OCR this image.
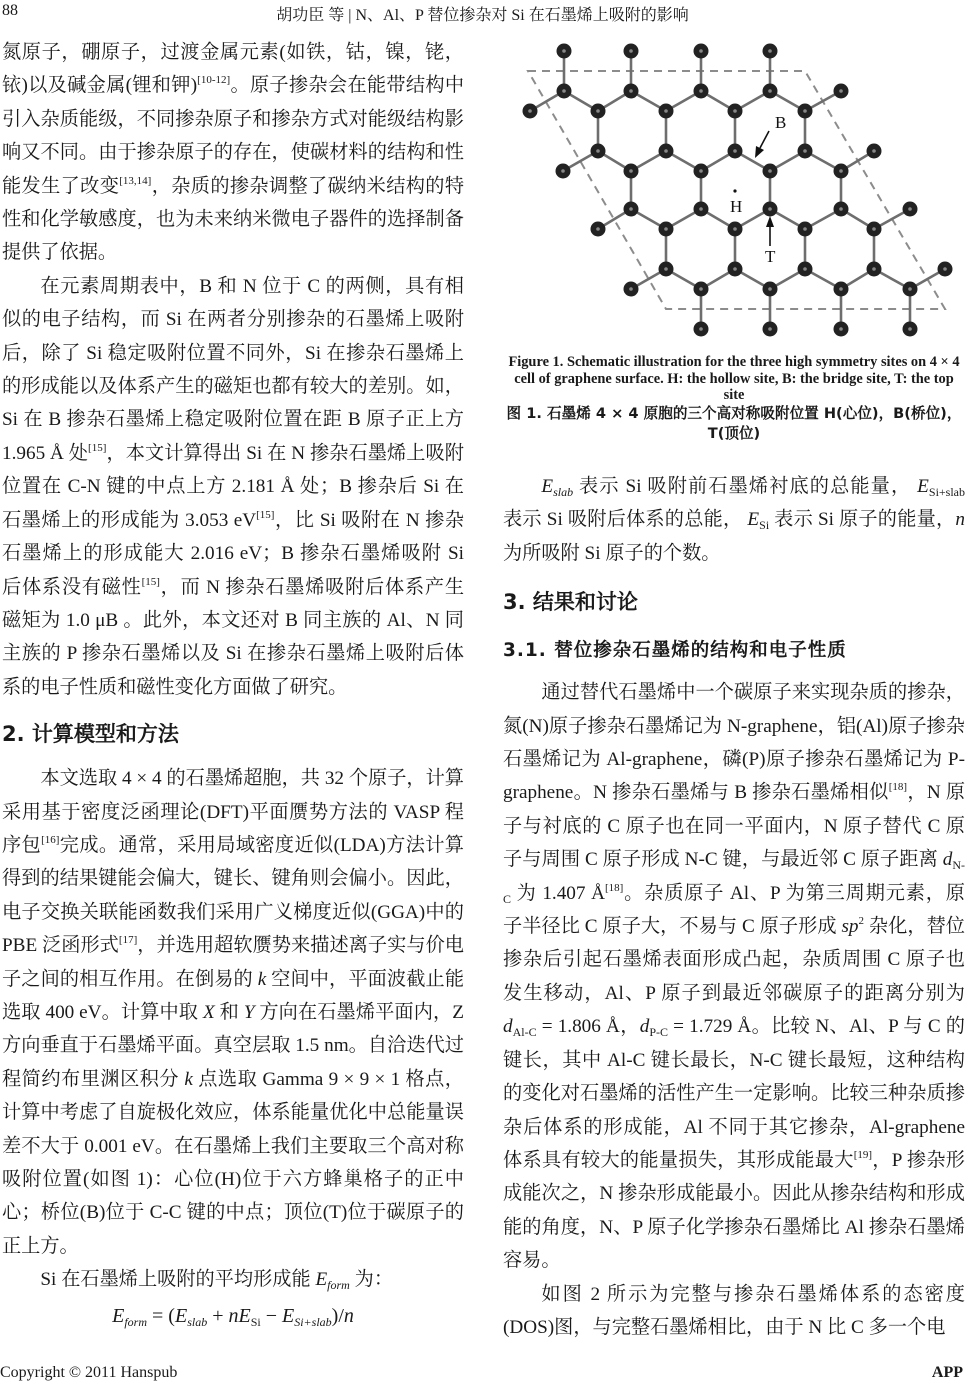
88	胡功臣 等 | N、Al、P 替位掺杂对 Si 在石墨烯上吸附的影响

氮原子，硼原子，过渡金属元素(如铁，钴，镍，铑，铱)以及碱金属(锂和钾)[10-12]。原子掺杂会在能带结构中引入杂质能级，不同掺杂原子和掺杂方式对能级结构影响又不同。由于掺杂原子的存在，使碳材料的结构和性能发生了改变[13,14]，杂质的掺杂调整了碳纳米结构的特性和化学敏感度，也为未来纳米微电子器件的选择制备提供了依据。

在元素周期表中，B 和 N 位于 C 的两侧，具有相似的电子结构，而 Si 在两者分别掺杂的石墨烯上吸附后，除了 Si 稳定吸附位置不同外，Si 在掺杂石墨烯上的形成能以及体系产生的磁矩也都有较大的差别。如，Si 在 B 掺杂石墨烯上稳定吸附位置在距 B 原子正上方 1.965 Å 处[15]，本文计算得出 Si 在 N 掺杂石墨烯上吸附位置在 C-N 键的中点上方 2.181 Å 处；B 掺杂后 Si 在石墨烯上的形成能为 3.053 eV[15]，比 Si 吸附在 N 掺杂石墨烯上的形成能大 2.016 eV；B 掺杂石墨烯吸附 Si 后体系没有磁性[15]，而 N 掺杂石墨烯吸附后体系产生磁矩为 1.0 μB 。此外，本文还对 B 同主族的 Al、N 同主族的 P 掺杂石墨烯以及 Si 在掺杂石墨烯上吸附后体系的电子性质和磁性变化方面做了研究。

2. 计算模型和方法

本文选取 4 × 4 的石墨烯超胞，共 32 个原子，计算采用基于密度泛函理论(DFT)平面赝势方法的 VASP 程序包[16]完成。通常，采用局域密度近似(LDA)方法计算得到的结果键能会偏大，键长、键角则会偏小。因此，电子交换关联能函数我们采用广义梯度近似(GGA)中的 PBE 泛函形式[17]，并选用超软赝势来描述离子实与价电子之间的相互作用。在倒易的 k 空间中，平面波截止能选取 400 eV。计算中取 X 和 Y 方向在石墨烯平面内，Z 方向垂直于石墨烯平面。真空层取 1.5 nm。自洽迭代过程简约布里渊区积分 k 点选取 Gamma 9 × 9 × 1 格点，计算中考虑了自旋极化效应，体系能量优化中总能量误差不大于 0.001 eV。在石墨烯上我们主要取三个高对称吸附位置(如图 1)：心位(H)位于六方蜂巢格子的正中心；桥位(B)位于 C-C 键的中点；顶位(T)位于碳原子的正上方。

Si 在石墨烯上吸附的平均形成能 $E_{form}$ 为：

$E_{form} = (E_{slab} + nE_{Si} - E_{Si+slab})/n$
B
H
T
Figure 1. Schematic illustration for the three high symmetry sites on 4 × 4 cell of graphene surface. H: the hollow site, B: the bridge site, T: the top site
图 1. 石墨烯 4 × 4 原胞的三个高对称吸附位置 H(心位)，B(桥位)，T(顶位)

$E_{slab}$ 表示 Si 吸附前石墨烯衬底的总能量， $E_{Si+slab}$ 表示 Si 吸附后体系的总能， $E_{Si}$ 表示 Si 原子的能量，n 为所吸附 Si 原子的个数。

3. 结果和讨论
3.1. 替位掺杂石墨烯的结构和电子性质

通过替代石墨烯中一个碳原子来实现杂质的掺杂，氮(N)原子掺杂石墨烯记为 N-graphene，铝(Al)原子掺杂石墨烯记为 Al-graphene，磷(P)原子掺杂石墨烯记为 P-graphene。N 掺杂石墨烯与 B 掺杂石墨烯相似[18]，N 原子与衬底的 C 原子也在同一平面内，N 原子替代 C 原子与周围 C 原子形成 N-C 键，与最近邻 C 原子距离 $d_{N-C}$ 为 1.407 Å[18]。杂质原子 Al、P 为第三周期元素，原子半径比 C 原子大，不易与 C 原子形成 $sp^2$ 杂化，替位掺杂后引起石墨烯表面形成凸起，杂质周围 C 原子也发生移动，Al、P 原子到最近邻碳原子的距离分别为 $d_{Al-C} = 1.806$ Å，$d_{P-C} = 1.729$ Å。比较 N、Al、P 与 C 的键长，其中 Al-C 键长最长，N-C 键长最短，这种结构的变化对石墨烯的活性产生一定影响。比较三种杂质掺杂后体系的形成能，Al 不同于其它掺杂，Al-graphene 体系具有较大的能量损失，其形成能最大[19]，P 掺杂形成能次之，N 掺杂形成能最小。因此从掺杂结构和形成能的角度，N、P 原子化学掺杂石墨烯比 Al 掺杂石墨烯容易。

如图 2 所示为完整与掺杂石墨烯体系的态密度(DOS)图，与完整石墨烯相比，由于 N 比 C 多一个电

Copyright © 2011 Hanspub	APP
